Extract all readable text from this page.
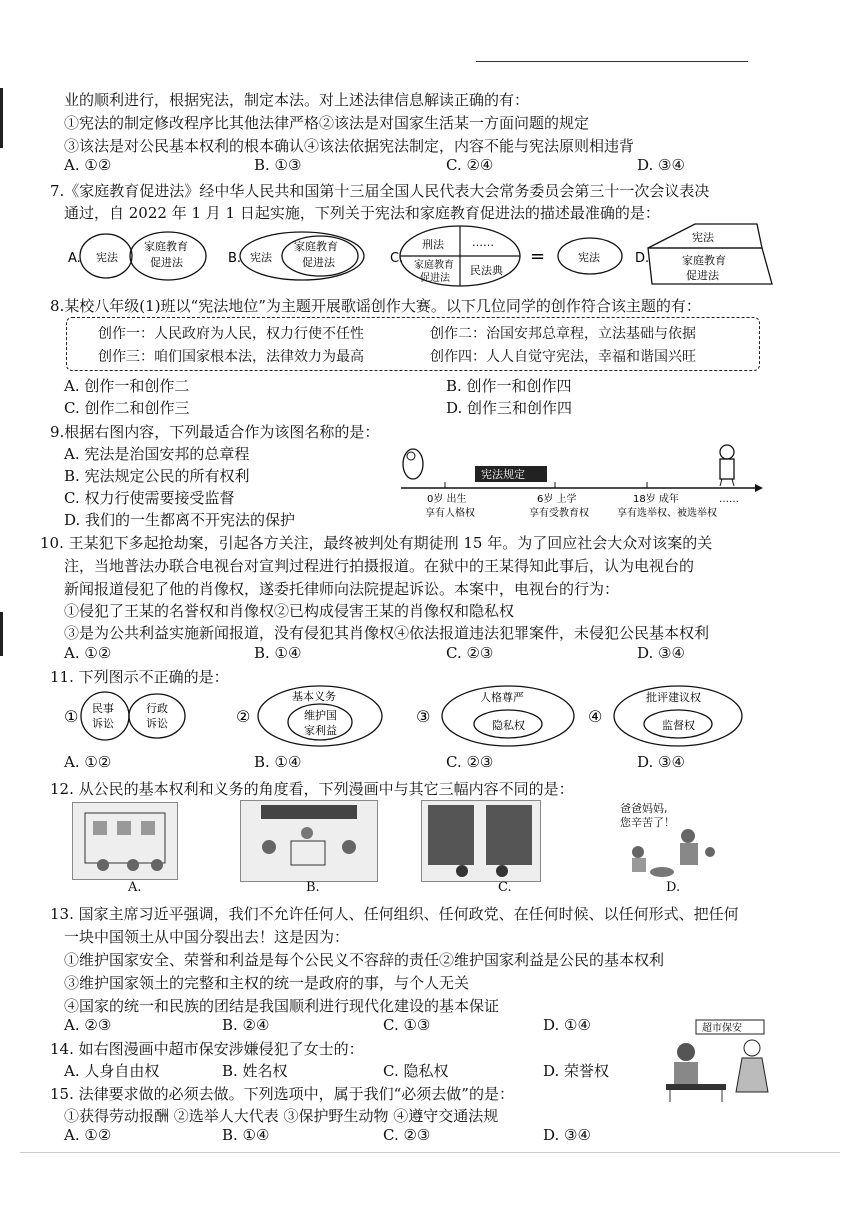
业的顺利进行，根据宪法，制定本法。对上述法律信息解读正确的有：
①宪法的制定修改程序比其他法律严格②该法是对国家生活某一方面问题的规定
③该法是对公民基本权利的根本确认④该法依据宪法制定，内容不能与宪法原则相违背
A. ①②	B. ①③	C. ②④	D. ③④
7.《家庭教育促进法》经中华人民共和国第十三届全国人民代表大会常务委员会第三十一次会议表决
通过，自 2022 年 1 月 1 日起实施，下列关于宪法和家庭教育促进法的描述最准确的是：
A. 宪法
家庭教育
促进法	B. 宪法
家庭教育
促进法	C.
刑法	……
家庭教育
促进法
民法典
=	宪法	D.
宪法
家庭教育
促进法
8.某校八年级(1)班以“宪法地位”为主题开展歌谣创作大赛。以下几位同学的创作符合该主题的有：
创作一：人民政府为人民，权力行使不任性	创作二：治国安邦总章程，立法基础与依据
创作三：咱们国家根本法，法律效力为最高	创作四：人人自觉守宪法，幸福和谐国兴旺
A. 创作一和创作二	B. 创作一和创作四
C. 创作二和创作三	D. 创作三和创作四
9.根据右图内容，下列最适合作为该图名称的是：
A. 宪法是治国安邦的总章程
B. 宪法规定公民的所有权利
C. 权力行使需要接受监督
D. 我们的一生都离不开宪法的保护
宪法规定
0岁 出生	6岁 上学	18岁 成年	……
享有人格权	享有受教育权	享有选举权、被选举权
10. 王某犯下多起抢劫案，引起各方关注，最终被判处有期徒刑 15 年。为了回应社会大众对该案的关
注，当地普法办联合电视台对宣判过程进行拍摄报道。在狱中的王某得知此事后，认为电视台的
新闻报道侵犯了他的肖像权，遂委托律师向法院提起诉讼。本案中，电视台的行为：
①侵犯了王某的名誉权和肖像权②已构成侵害王某的肖像权和隐私权
③是为公共利益实施新闻报道，没有侵犯其肖像权④依法报道违法犯罪案件，未侵犯公民基本权利
A. ①②	B. ①④	C. ②③	D. ③④
11. 下列图示不正确的是：
① 民事
诉讼
行政
诉讼	②
基本义务
维护国
家利益
③
人格尊严
隐私权	④
批评建议权
监督权
A. ①②	B. ①④	C. ②③	D. ③④
12. 从公民的基本权利和义务的角度看，下列漫画中与其它三幅内容不同的是：
爸爸妈妈,
您辛苦了！
A.	B.	C.	D.
13. 国家主席习近平强调，我们不允许任何人、任何组织、任何政党、在任何时候、以任何形式、把任何
一块中国领土从中国分裂出去！这是因为：
①维护国家安全、荣誉和利益是每个公民义不容辞的责任②维护国家利益是公民的基本权利
③维护国家领土的完整和主权的统一是政府的事，与个人无关
④国家的统一和民族的团结是我国顺利进行现代化建设的基本保证
A. ②③	B. ②④	C. ①③	D. ①④	超市保安
14. 如右图漫画中超市保安涉嫌侵犯了女士的：
A. 人身自由权	B. 姓名权	C. 隐私权	D. 荣誉权
15. 法律要求做的必须去做。下列选项中，属于我们“必须去做”的是：
①获得劳动报酬 ②选举人大代表 ③保护野生动物 ④遵守交通法规
A. ①②	B. ①④	C. ②③	D. ③④
